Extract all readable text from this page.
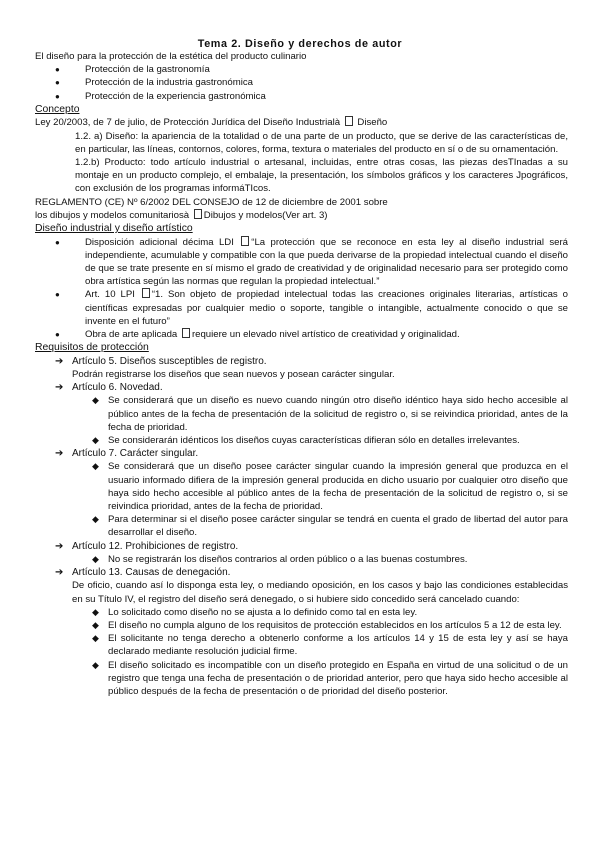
Tema 2. Diseño y derechos de autor

El diseño para la protección de la estética del producto culinario

●	Protección de la gastronomía

●	Protección de la industria gastronómica

●	Protección de la experiencia gastronómica

Concepto

Ley 20/2003, de 7 de julio, de Protección Jurídica del Diseño Industrialà Diseño

1.2. a) Diseño: la apariencia de la totalidad o de una parte de un producto, que se derive de las características de, en particular, las líneas, contornos, colores, forma, textura o materiales del producto en sí o de su ornamentación.

1.2.b) Producto: todo artículo industrial o artesanal, incluidas, entre otras cosas, las piezas desTInadas a su montaje en un producto complejo, el embalaje, la presentación, los símbolos gráficos y los caracteres Jpográficos, con exclusión de los programas informáTIcos.

REGLAMENTO (CE) Nº 6/2002 DEL CONSEJO de 12 de diciembre de 2001 sobre

los dibujos y modelos comunitariosà Dibujos y modelos(Ver art. 3)

Diseño industrial y diseño artístico

●	Disposición adicional décima LDI “La protección que se reconoce en esta ley al diseño industrial será independiente, acumulable y compatible con la que pueda derivarse de la propiedad intelectual cuando el diseño de que se trate presente en sí mismo el grado de creatividad y de originalidad necesario para ser protegido como obra artística según las normas que regulan la propiedad intelectual.”

●	Art. 10 LPI “1. Son objeto de propiedad intelectual todas las creaciones originales literarias, artísticas o científicas expresadas por cualquier medio o soporte, tangible o intangible, actualmente conocido o que se invente en el futuro”

●	Obra de arte aplicada requiere un elevado nivel artístico de creatividad y originalidad.

Requisitos de protección

➔ Artículo 5. Diseños susceptibles de registro.

Podrán registrarse los diseños que sean nuevos y posean carácter singular.

➔ Artículo 6. Novedad.

◆ Se considerará que un diseño es nuevo cuando ningún otro diseño idéntico haya sido hecho accesible al público antes de la fecha de presentación de la solicitud de registro o, si se reivindica prioridad, antes de la fecha de prioridad.

◆ Se considerarán idénticos los diseños cuyas características difieran sólo en detalles irrelevantes.

➔ Artículo 7. Carácter singular.

◆ Se considerará que un diseño posee carácter singular cuando la impresión general que produzca en el usuario informado difiera de la impresión general producida en dicho usuario por cualquier otro diseño que haya sido hecho accesible al público antes de la fecha de presentación de la solicitud de registro o, si se reivindica prioridad, antes de la fecha de prioridad.

◆ Para determinar si el diseño posee carácter singular se tendrá en cuenta el grado de libertad del autor para desarrollar el diseño.

➔ Artículo 12. Prohibiciones de registro.

◆ No se registrarán los diseños contrarios al orden público o a las buenas costumbres.

➔ Artículo 13. Causas de denegación.

De oficio, cuando así lo disponga esta ley, o mediando oposición, en los casos y bajo las condiciones establecidas en su Título IV, el registro del diseño será denegado, o si hubiere sido concedido será cancelado cuando:

◆ Lo solicitado como diseño no se ajusta a lo definido como tal en esta ley.

◆ El diseño no cumpla alguno de los requisitos de protección establecidos en los artículos 5 a 12 de esta ley.

◆ El solicitante no tenga derecho a obtenerlo conforme a los artículos 14 y 15 de esta ley y así se haya declarado mediante resolución judicial firme.

◆ El diseño solicitado es incompatible con un diseño protegido en España en virtud de una solicitud o de un registro que tenga una fecha de presentación o de prioridad anterior, pero que haya sido hecho accesible al público después de la fecha de presentación o de prioridad del diseño posterior.
